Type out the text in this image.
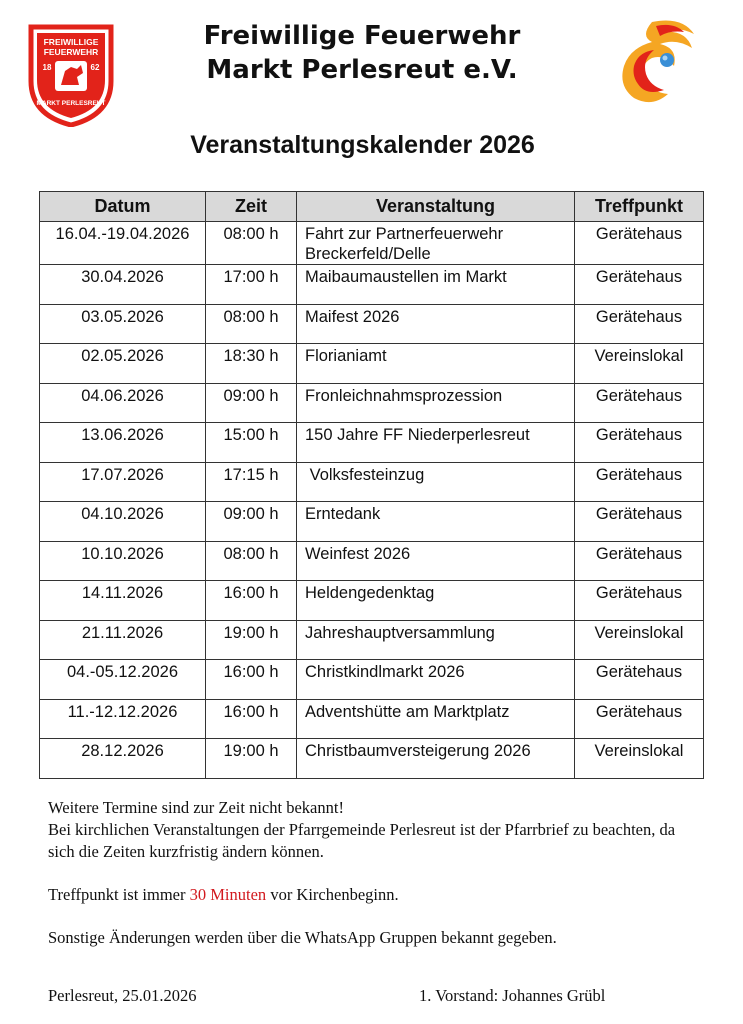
FREIWILLIGE
FEUERWEHR
18	62
MARKT PERLESREUT
Freiwillige Feuerwehr
Markt Perlesreut e.V.
Veranstaltungskalender 2026
Datum	Zeit	Veranstaltung	Treffpunkt
16.04.-19.04.2026	08:00 h	Fahrt zur Partnerfeuerwehr Breckerfeld/Delle	Gerätehaus
30.04.2026	17:00 h	Maibaumaustellen im Markt	Gerätehaus
03.05.2026	08:00 h	Maifest 2026	Gerätehaus
02.05.2026	18:30 h	Florianiamt	Vereinslokal
04.06.2026	09:00 h	Fronleichnahmsprozession	Gerätehaus
13.06.2026	15:00 h	150 Jahre FF Niederperlesreut	Gerätehaus
17.07.2026	17:15 h	Volksfesteinzug	Gerätehaus
04.10.2026	09:00 h	Erntedank	Gerätehaus
10.10.2026	08:00 h	Weinfest 2026	Gerätehaus
14.11.2026	16:00 h	Heldengedenktag	Gerätehaus
21.11.2026	19:00 h	Jahreshauptversammlung	Vereinslokal
04.-05.12.2026	16:00 h	Christkindlmarkt 2026	Gerätehaus
11.-12.12.2026	16:00 h	Adventshütte am Marktplatz	Gerätehaus
28.12.2026	19:00 h	Christbaumversteigerung 2026	Vereinslokal

Weitere Termine sind zur Zeit nicht bekannt!

Bei kirchlichen Veranstaltungen der Pfarrgemeinde Perlesreut ist der Pfarrbrief zu beachten, da sich die Zeiten kurzfristig ändern können.

Treffpunkt ist immer 30 Minuten vor Kirchenbeginn.

Sonstige Änderungen werden über die WhatsApp Gruppen bekannt gegeben.

Perlesreut, 25.01.2026	1. Vorstand: Johannes Grübl
